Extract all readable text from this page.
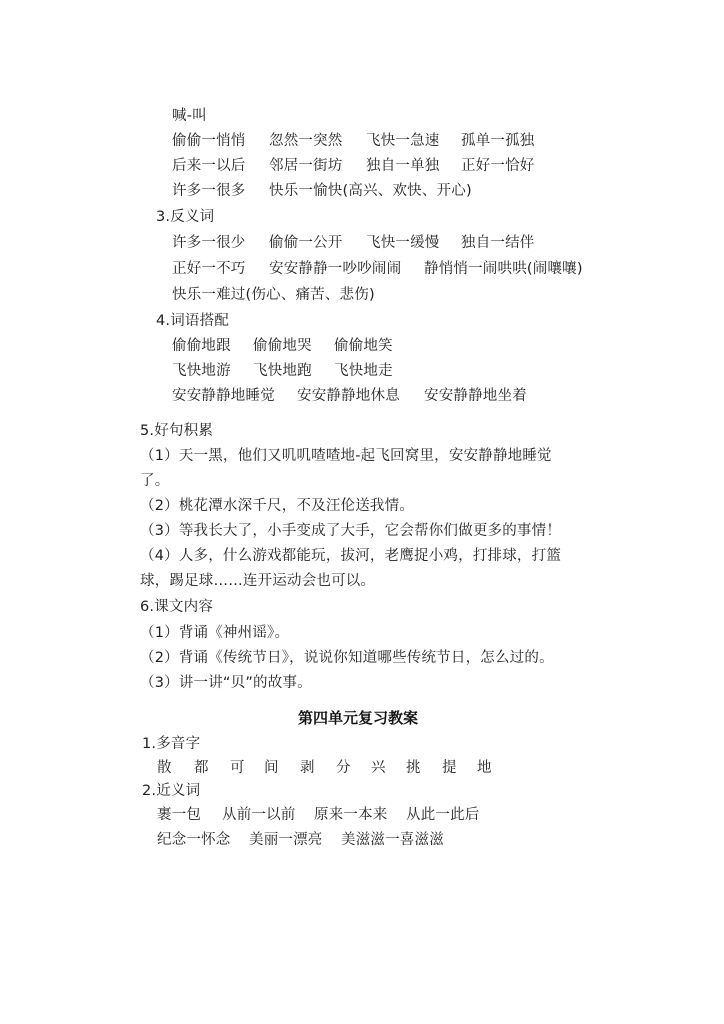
喊-叫
偷偷一悄悄 忽然一突然 飞快一急速 孤单一孤独
后来一以后 邻居一街坊 独自一单独 正好一恰好
许多一很多 快乐一愉快(高兴、欢快、开心)
3.反义词
许多一很少 偷偷一公开 飞快一缓慢 独自一结伴
正好一不巧 安安静静一吵吵闹闹 静悄悄一闹哄哄(闹嚷嚷)
快乐一难过(伤心、痛苦、悲伤)
4.词语搭配
偷偷地跟 偷偷地哭 偷偷地笑
飞快地游 飞快地跑 飞快地走
安安静静地睡觉 安安静静地休息 安安静静地坐着
5.好句积累
（1）天一黑，他们又叽叽喳喳地-起飞回窝里，安安静静地睡觉
了。
（2）桃花潭水深千尺，不及汪伦送我情。
（3）等我长大了，小手变成了大手，它会帮你们做更多的事情！
（4）人多，什么游戏都能玩，拔河，老鹰捉小鸡，打排球，打篮
球，踢足球……连开运动会也可以。
6.课文内容
（1）背诵《神州谣》。
（2）背诵《传统节日》，说说你知道哪些传统节日，怎么过的。
（3）讲一讲“贝”的故事。
第四单元复习教案
1.多音字
散 都 可 间 剥 分 兴 挑 提 地
2.近义词
裹一包 从前一以前 原来一本来 从此一此后
纪念一怀念 美丽一漂亮 美滋滋一喜滋滋
